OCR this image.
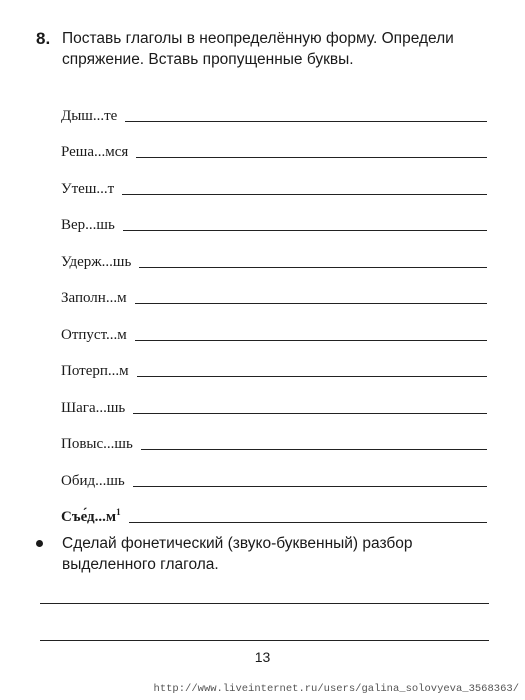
8. Поставь глаголы в неопределённую форму. Определи спряжение. Вставь пропущенные буквы.
Дыш...те
Реша...мся
Утеш...т
Вер...шь
Удерж...шь
Заполн...м
Отпуст...м
Потерп...м
Шага...шь
Повыс...шь
Обид...шь
$Съе́д...м^1$
Сделай фонетический (звуко-буквенный) разбор выделенного глагола.
13
http://www.liveinternet.ru/users/galina_solovyeva_3568363/
